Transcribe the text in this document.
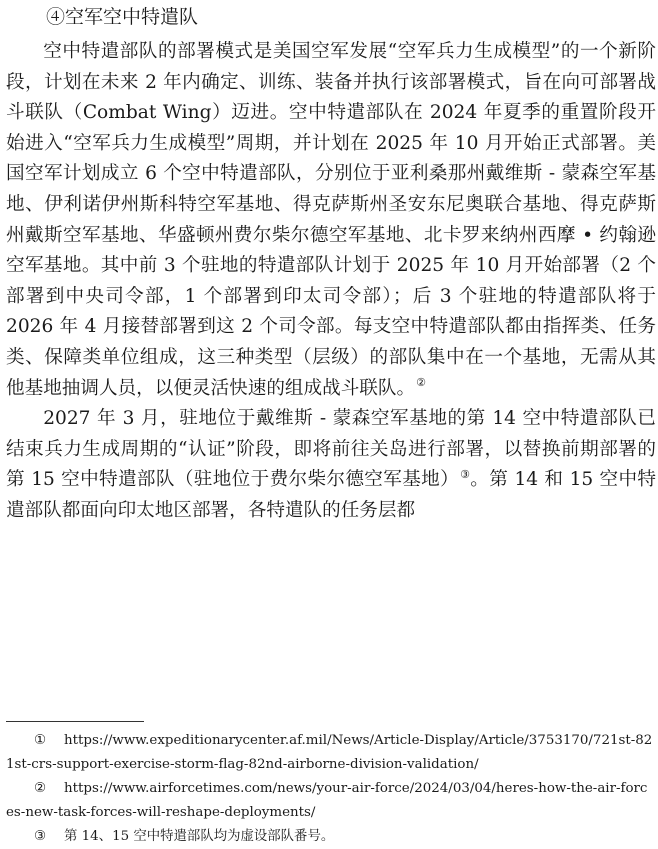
④空军空中特遣队

空中特遣部队的部署模式是美国空军发展“空军兵力生成模型”的一个新阶段，计划在未来 2 年内确定、训练、装备并执行该部署模式，旨在向可部署战斗联队（Combat Wing）迈进。空中特遣部队在 2024 年夏季的重置阶段开始进入“空军兵力生成模型”周期，并计划在 2025 年 10 月开始正式部署。美国空军计划成立 6 个空中特遣部队，分别位于亚利桑那州戴维斯 - 蒙森空军基地、伊利诺伊州斯科特空军基地、得克萨斯州圣安东尼奥联合基地、得克萨斯州戴斯空军基地、华盛顿州费尔柴尔德空军基地、北卡罗来纳州西摩 • 约翰逊空军基地。其中前 3 个驻地的特遣部队计划于 2025 年 10 月开始部署（2 个部署到中央司令部，1 个部署到印太司令部）；后 3 个驻地的特遣部队将于 2026 年 4 月接替部署到这 2 个司令部。每支空中特遣部队都由指挥类、任务类、保障类单位组成，这三种类型（层级）的部队集中在一个基地，无需从其他基地抽调人员，以便灵活快速的组成战斗联队。②

2027 年 3 月，驻地位于戴维斯 - 蒙森空军基地的第 14 空中特遣部队已结束兵力生成周期的“认证”阶段，即将前往关岛进行部署，以替换前期部署的第 15 空中特遣部队（驻地位于费尔柴尔德空军基地）③。第 14 和 15 空中特遣部队都面向印太地区部署，各特遣队的任务层都

① https://www.expeditionarycenter.af.mil/News/Article-Display/Article/3753170/721st-821st-crs-support-exercise-storm-flag-82nd-airborne-division-validation/
② https://www.airforcetimes.com/news/your-air-force/2024/03/04/heres-how-the-air-forces-new-task-forces-will-reshape-deployments/
③ 第 14、15 空中特遣部队均为虚设部队番号。
